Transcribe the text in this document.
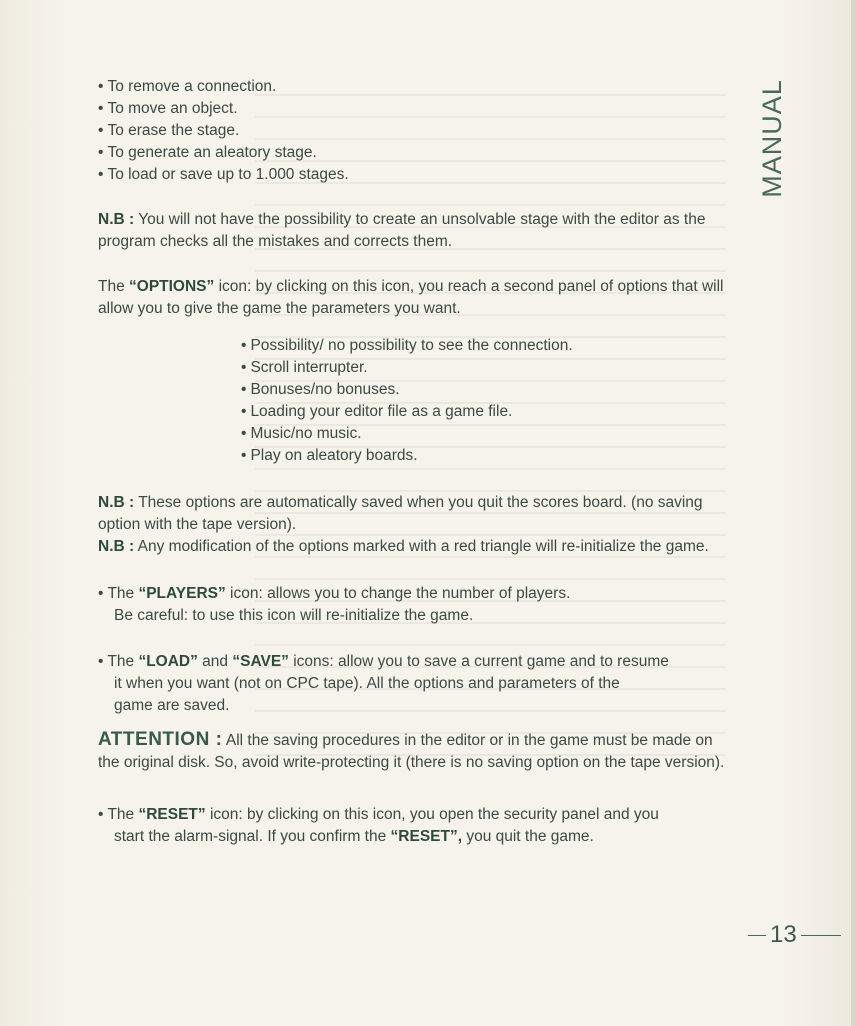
MANUAL
• To remove a connection.
• To move an object.
• To erase the stage.
• To generate an aleatory stage.
• To load or save up to 1.000 stages.

N.B : You will not have the possibility to create an unsolvable stage with the editor as the program checks all the mistakes and corrects them.

The “OPTIONS” icon: by clicking on this icon, you reach a second panel of options that will allow you to give the game the parameters you want.

• Possibility/ no possibility to see the connection.
• Scroll interrupter.
• Bonuses/no bonuses.
• Loading your editor file as a game file.
• Music/no music.
• Play on aleatory boards.

N.B : These options are automatically saved when you quit the scores board. (no saving option with the tape version).

N.B : Any modification of the options marked with a red triangle will re-initialize the game.

• The “PLAYERS” icon: allows you to change the number of players.

Be careful: to use this icon will re-initialize the game.

• The “LOAD” and “SAVE” icons: allow you to save a current game and to resume

it when you want (not on CPC tape). All the options and parameters of the

game are saved.

ATTENTION : All the saving procedures in the editor or in the game must be made on the original disk. So, avoid write-protecting it (there is no saving option on the tape version).

• The “RESET” icon: by clicking on this icon, you open the security panel and you

start the alarm-signal. If you confirm the “RESET”, you quit the game.

13
